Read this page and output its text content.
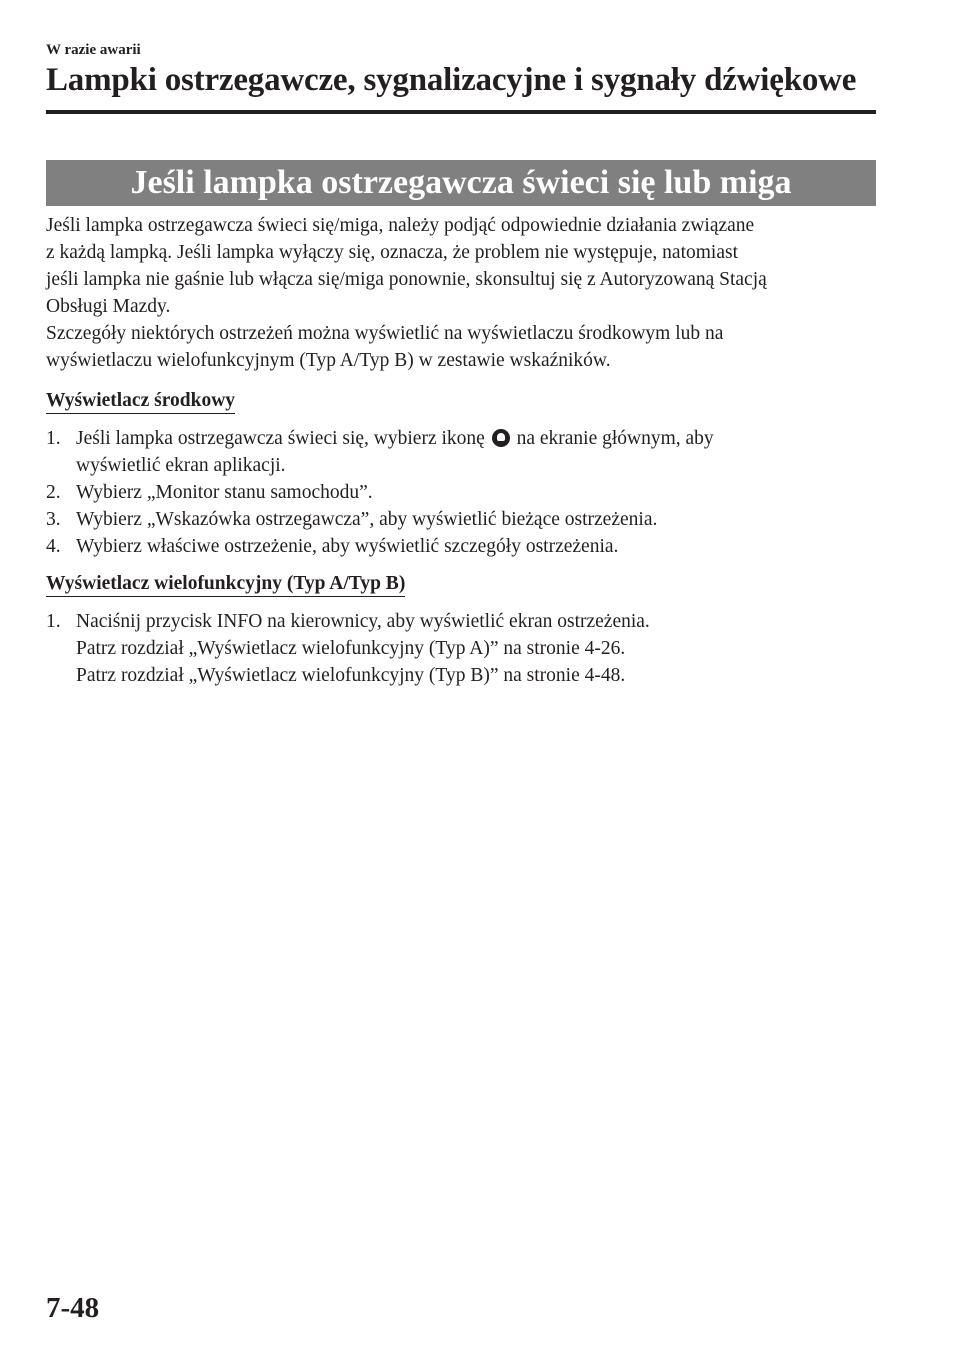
W razie awarii
Lampki ostrzegawcze, sygnalizacyjne i sygnały dźwiękowe
Jeśli lampka ostrzegawcza świeci się lub miga

Jeśli lampka ostrzegawcza świeci się/miga, należy podjąć odpowiednie działania związane
z każdą lampką. Jeśli lampka wyłączy się, oznacza, że problem nie występuje, natomiast
jeśli lampka nie gaśnie lub włącza się/miga ponownie, skonsultuj się z Autoryzowaną Stacją
Obsługi Mazdy.

Szczegóły niektórych ostrzeżeń można wyświetlić na wyświetlaczu środkowym lub na
wyświetlaczu wielofunkcyjnym (Typ A/Typ B) w zestawie wskaźników.

Wyświetlacz środkowy
1. Jeśli lampka ostrzegawcza świeci się, wybierz ikonę na ekranie głównym, aby
wyświetlić ekran aplikacji.
2. Wybierz „Monitor stanu samochodu”.
3. Wybierz „Wskazówka ostrzegawcza”, aby wyświetlić bieżące ostrzeżenia.
4. Wybierz właściwe ostrzeżenie, aby wyświetlić szczegóły ostrzeżenia.
Wyświetlacz wielofunkcyjny (Typ A/Typ B)
1. Naciśnij przycisk INFO na kierownicy, aby wyświetlić ekran ostrzeżenia.
Patrz rozdział „Wyświetlacz wielofunkcyjny (Typ A)” na stronie 4-26.
Patrz rozdział „Wyświetlacz wielofunkcyjny (Typ B)” na stronie 4-48.
7-48
